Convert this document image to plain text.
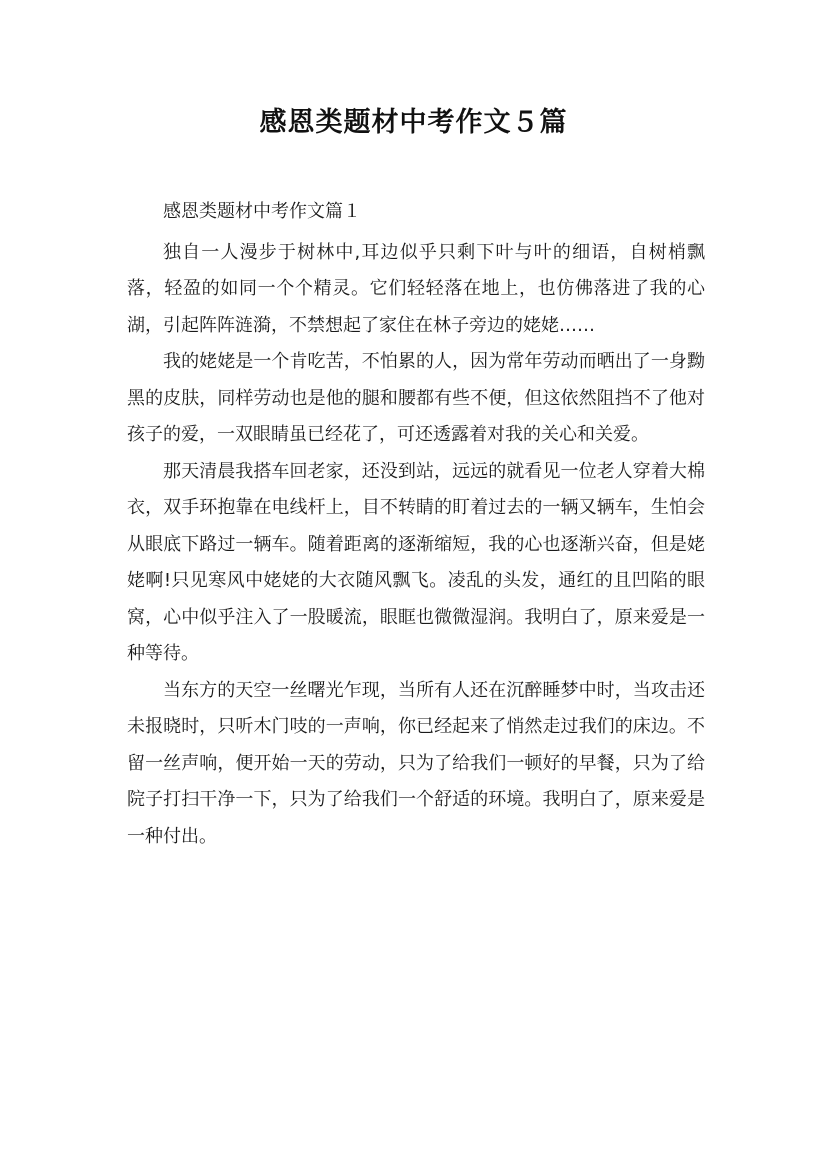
感恩类题材中考作文５篇

感恩类题材中考作文篇１

独自一人漫步于树林中,耳边似乎只剩下叶与叶的细语，自树梢飘落，轻盈的如同一个个精灵。它们轻轻落在地上，也仿佛落进了我的心湖，引起阵阵涟漪，不禁想起了家住在林子旁边的姥姥……

我的姥姥是一个肯吃苦，不怕累的人，因为常年劳动而晒出了一身黝黑的皮肤，同样劳动也是他的腿和腰都有些不便，但这依然阻挡不了他对孩子的爱，一双眼睛虽已经花了，可还透露着对我的关心和关爱。

那天清晨我搭车回老家，还没到站，远远的就看见一位老人穿着大棉衣，双手环抱靠在电线杆上，目不转睛的盯着过去的一辆又辆车，生怕会从眼底下路过一辆车。随着距离的逐渐缩短，我的心也逐渐兴奋，但是姥姥啊!只见寒风中姥姥的大衣随风飘飞。凌乱的头发，通红的且凹陷的眼窝，心中似乎注入了一股暖流，眼眶也微微湿润。我明白了，原来爱是一种等待。

当东方的天空一丝曙光乍现，当所有人还在沉醉睡梦中时，当攻击还未报晓时，只听木门吱的一声响，你已经起来了悄然走过我们的床边。不留一丝声响，便开始一天的劳动，只为了给我们一顿好的早餐，只为了给院子打扫干净一下，只为了给我们一个舒适的环境。我明白了，原来爱是一种付出。
